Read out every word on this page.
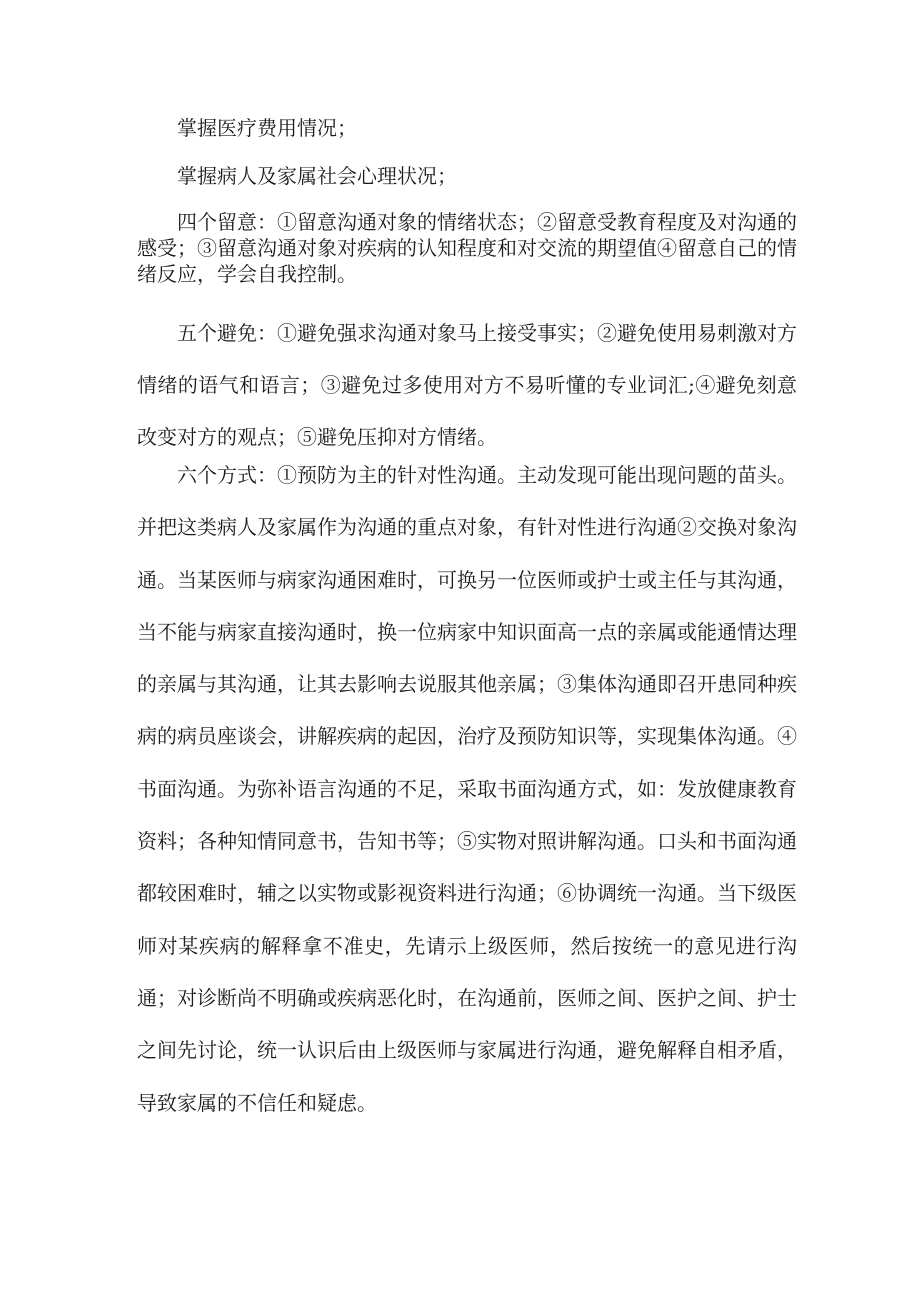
掌握医疗费用情况；

掌握病人及家属社会心理状况；

四个留意：①留意沟通对象的情绪状态；②留意受教育程度及对沟通的感受；③留意沟通对象对疾病的认知程度和对交流的期望值④留意自己的情绪反应，学会自我控制。

五个避免：①避免强求沟通对象马上接受事实；②避免使用易刺激对方情绪的语气和语言；③避免过多使用对方不易听懂的专业词汇;④避免刻意改变对方的观点；⑤避免压抑对方情绪。

六个方式：①预防为主的针对性沟通。主动发现可能出现问题的苗头。并把这类病人及家属作为沟通的重点对象，有针对性进行沟通②交换对象沟通。当某医师与病家沟通困难时，可换另一位医师或护士或主任与其沟通，当不能与病家直接沟通时，换一位病家中知识面高一点的亲属或能通情达理的亲属与其沟通，让其去影响去说服其他亲属；③集体沟通即召开患同种疾病的病员座谈会，讲解疾病的起因，治疗及预防知识等，实现集体沟通。④书面沟通。为弥补语言沟通的不足，采取书面沟通方式，如：发放健康教育资料；各种知情同意书，告知书等；⑤实物对照讲解沟通。口头和书面沟通都较困难时，辅之以实物或影视资料进行沟通；⑥协调统一沟通。当下级医师对某疾病的解释拿不准史，先请示上级医师，然后按统一的意见进行沟通；对诊断尚不明确或疾病恶化时，在沟通前，医师之间、医护之间、护士之间先讨论，统一认识后由上级医师与家属进行沟通，避免解释自相矛盾，导致家属的不信任和疑虑。
